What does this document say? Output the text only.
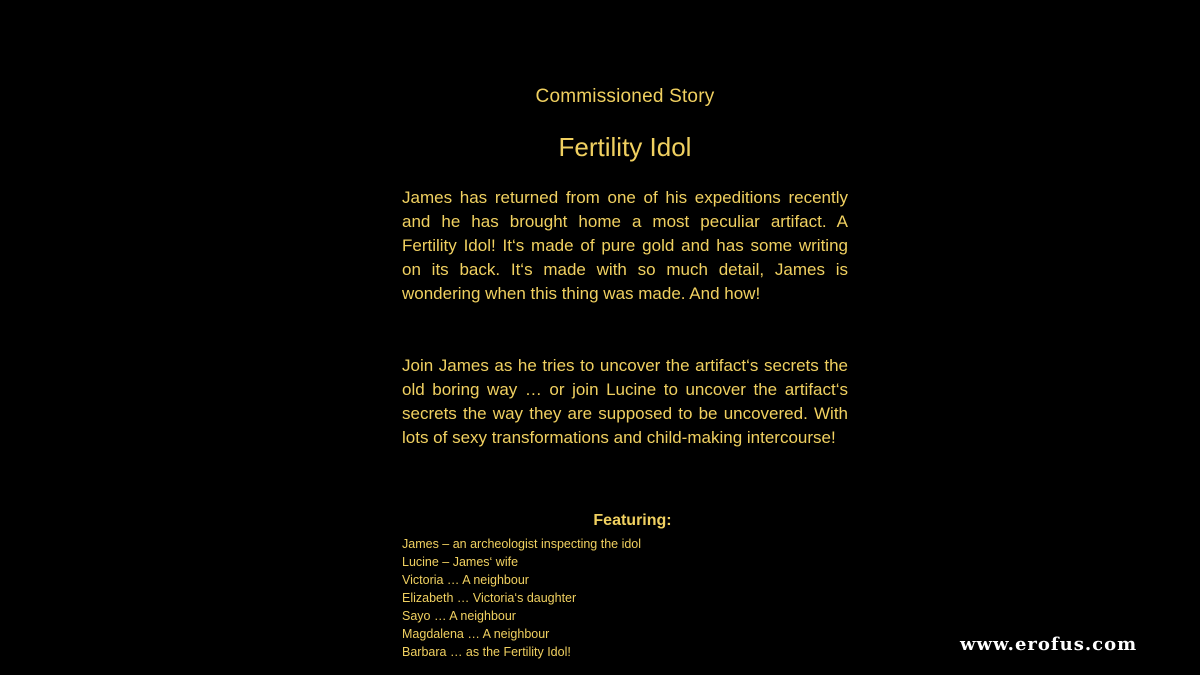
Commissioned Story
Fertility Idol

James has returned from one of his expeditions recently and he has brought home a most peculiar artifact. A Fertility Idol! It‘s made of pure gold and has some writing on its back. It‘s made with so much detail, James is wondering when this thing was made. And how!

Join James as he tries to uncover the artifact‘s secrets the old boring way … or join Lucine to uncover the artifact‘s secrets the way they are supposed to be uncovered. With lots of sexy transformations and child-making intercourse!

Featuring:
James – an archeologist inspecting the idol
Lucine – James‘ wife
Victoria … A neighbour
Elizabeth … Victoria‘s daughter
Sayo … A neighbour
Magdalena … A neighbour
Barbara … as the Fertility Idol!	www.erofus.com
